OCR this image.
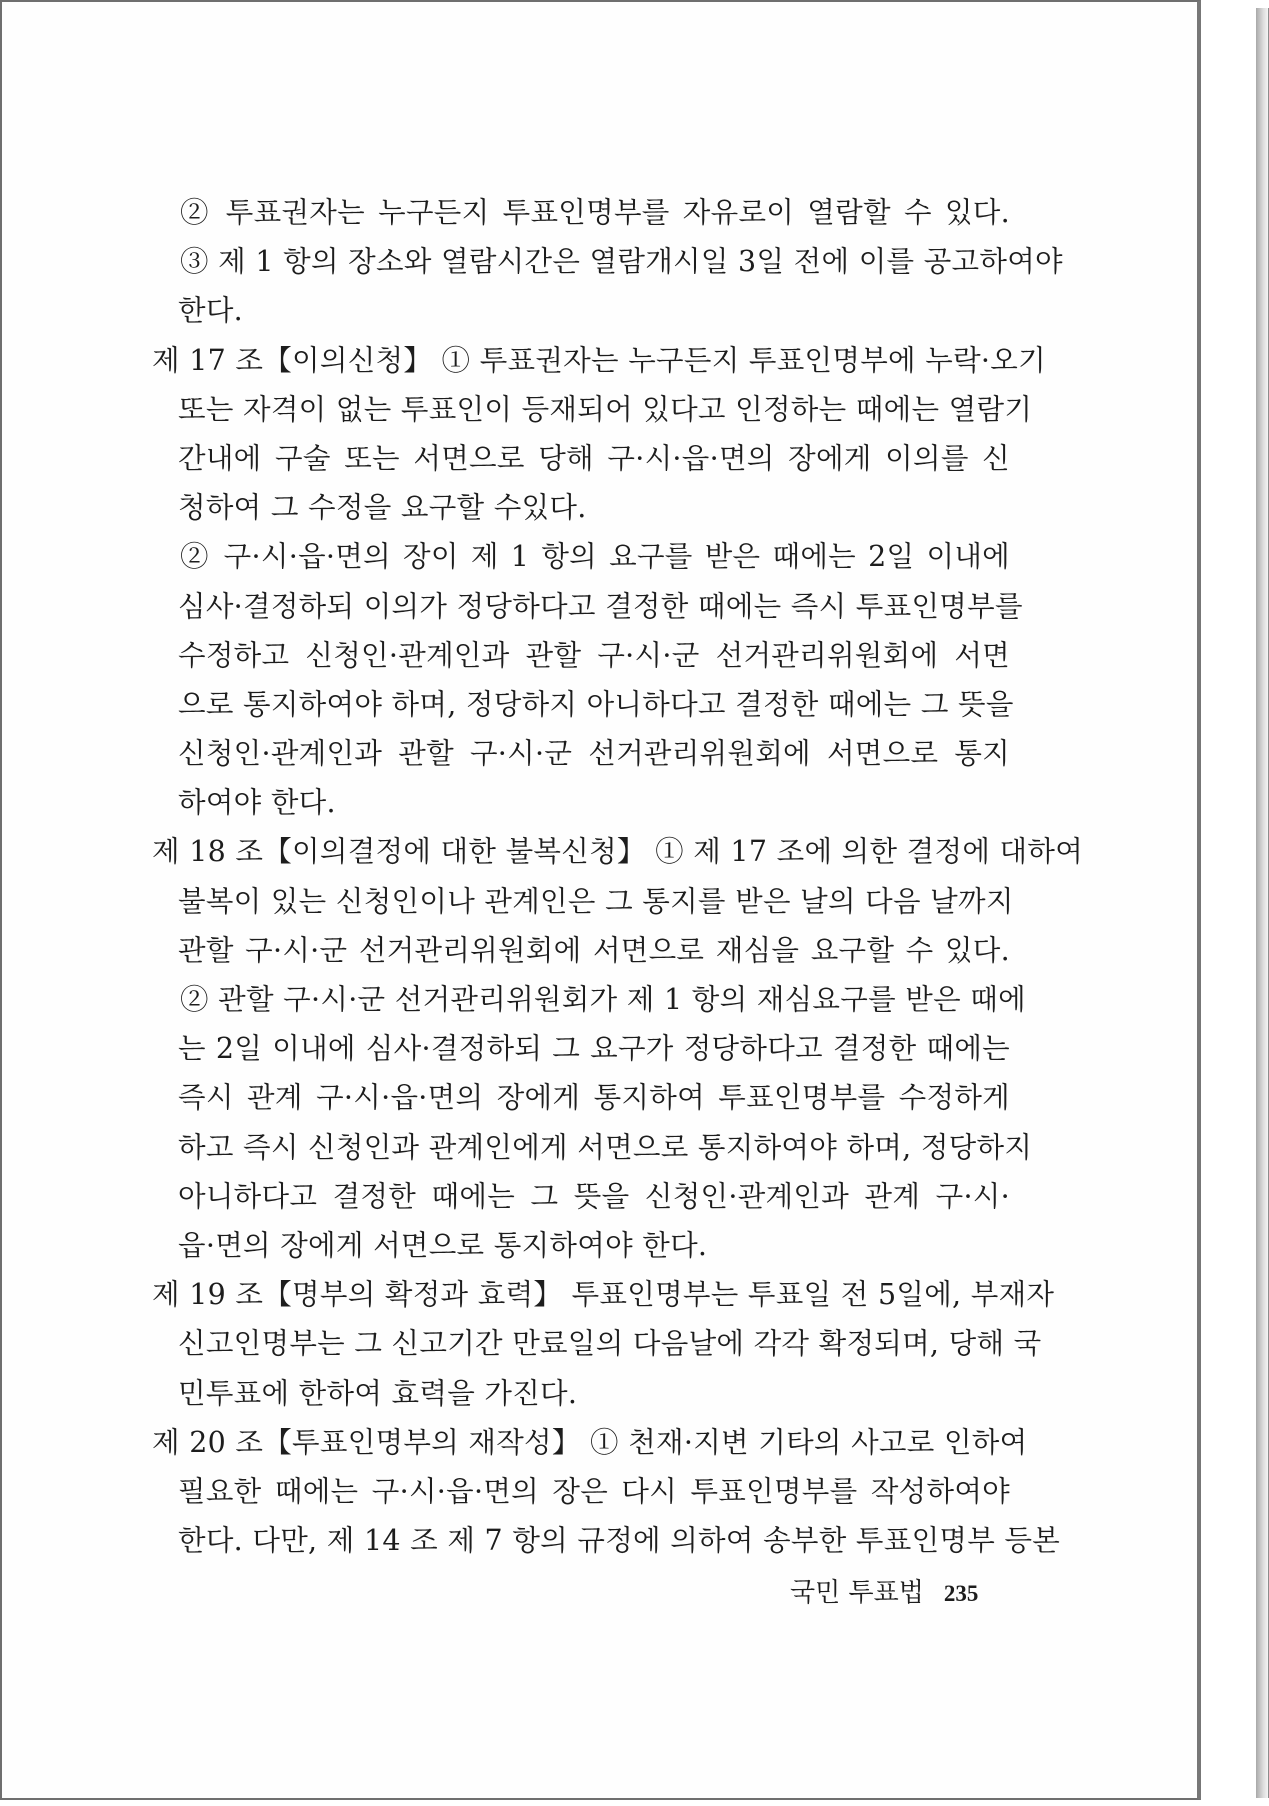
② 투표권자는 누구든지 투표인명부를 자유로이 열람할 수 있다.
③ 제 1 항의 장소와 열람시간은 열람개시일 3일 전에 이를 공고하여야
한다.
제 17 조【이의신청】 ① 투표권자는 누구든지 투표인명부에 누락·오기
또는 자격이 없는 투표인이 등재되어 있다고 인정하는 때에는 열람기
간내에 구술 또는 서면으로 당해 구·시·읍·면의 장에게 이의를 신
청하여 그 수정을 요구할 수있다.
② 구·시·읍·면의 장이 제 1 항의 요구를 받은 때에는 2일 이내에
심사·결정하되 이의가 정당하다고 결정한 때에는 즉시 투표인명부를
수정하고 신청인·관계인과 관할 구·시·군 선거관리위원회에 서면
으로 통지하여야 하며, 정당하지 아니하다고 결정한 때에는 그 뜻을
신청인·관계인과 관할 구·시·군 선거관리위원회에 서면으로 통지
하여야 한다.
제 18 조【이의결정에 대한 불복신청】 ① 제 17 조에 의한 결정에 대하여
불복이 있는 신청인이나 관계인은 그 통지를 받은 날의 다음 날까지
관할 구·시·군 선거관리위원회에 서면으로 재심을 요구할 수 있다.
② 관할 구·시·군 선거관리위원회가 제 1 항의 재심요구를 받은 때에
는 2일 이내에 심사·결정하되 그 요구가 정당하다고 결정한 때에는
즉시 관계 구·시·읍·면의 장에게 통지하여 투표인명부를 수정하게
하고 즉시 신청인과 관계인에게 서면으로 통지하여야 하며, 정당하지
아니하다고 결정한 때에는 그 뜻을 신청인·관계인과 관계 구·시·
읍·면의 장에게 서면으로 통지하여야 한다.
제 19 조【명부의 확정과 효력】 투표인명부는 투표일 전 5일에, 부재자
신고인명부는 그 신고기간 만료일의 다음날에 각각 확정되며, 당해 국
민투표에 한하여 효력을 가진다.
제 20 조【투표인명부의 재작성】 ① 천재·지변 기타의 사고로 인하여
필요한 때에는 구·시·읍·면의 장은 다시 투표인명부를 작성하여야
한다. 다만, 제 14 조 제 7 항의 규정에 의하여 송부한 투표인명부 등본
국민 투표법 235
